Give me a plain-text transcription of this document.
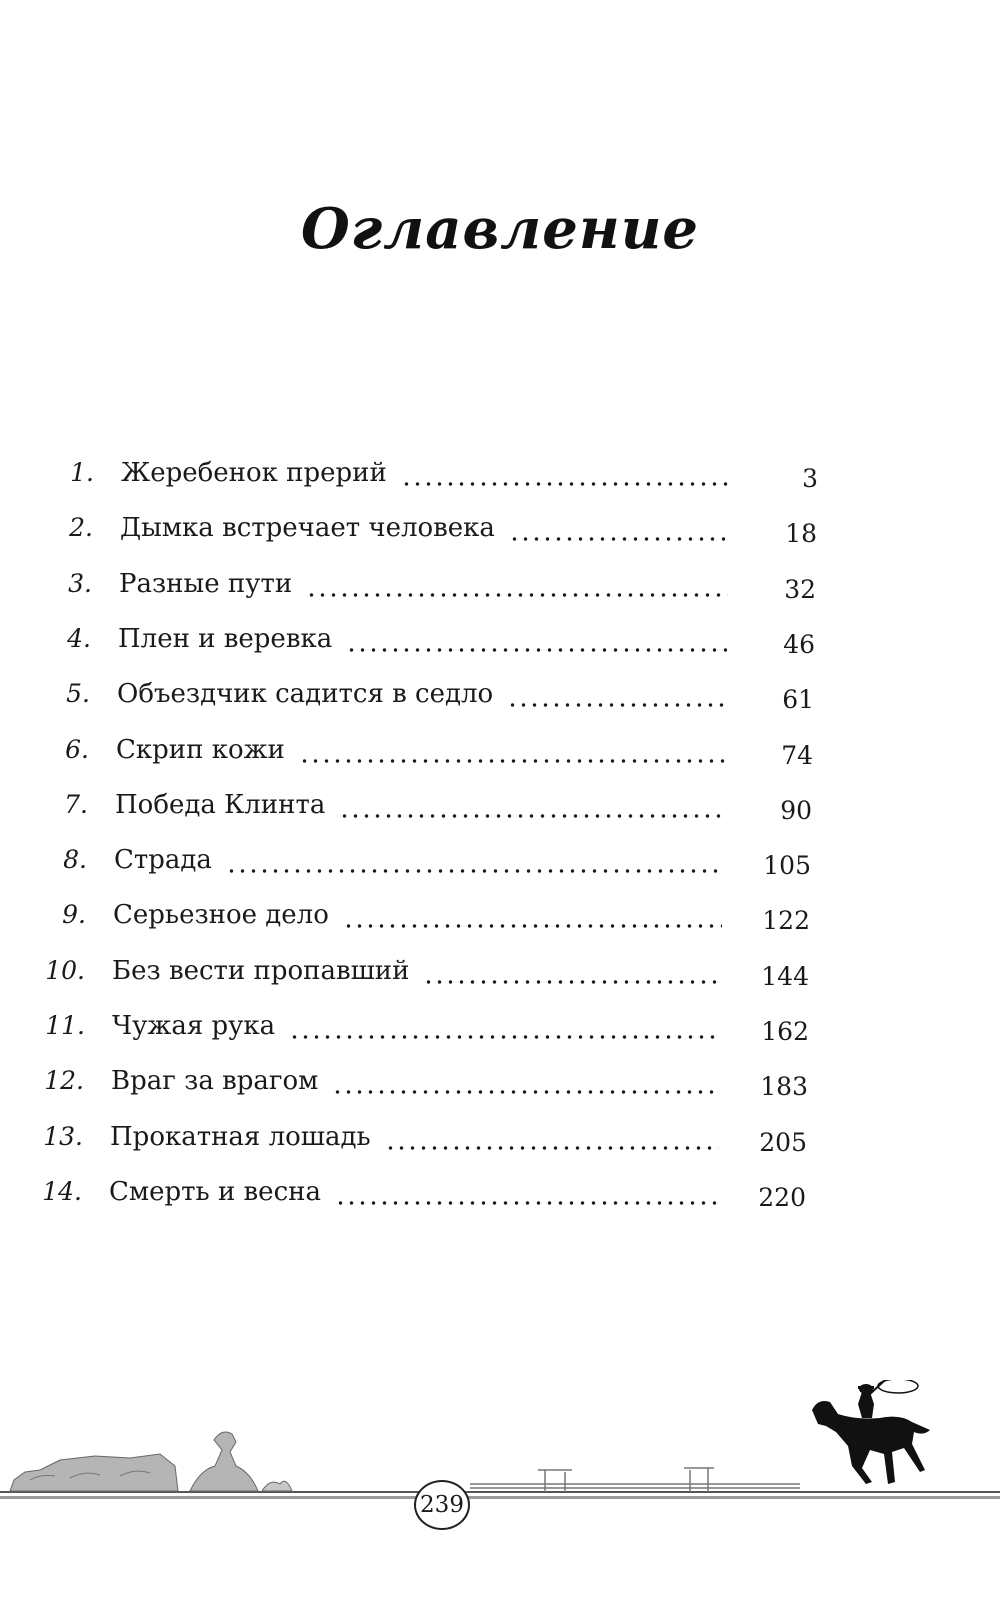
Оглавление
1. Жеребенок прерий	3
2. Дымка встречает человека	18
3. Разные пути	32
4. Плен и веревка	46
5. Объездчик садится в седло	61
6. Скрип кожи	74
7. Победа Клинта	90
8. Страда	105
9. Серьезное дело	122
10. Без вести пропавший	144
11. Чужая рука	162
12. Враг за врагом	183
13. Прокатная лошадь	205
14. Смерть и весна	220
239
